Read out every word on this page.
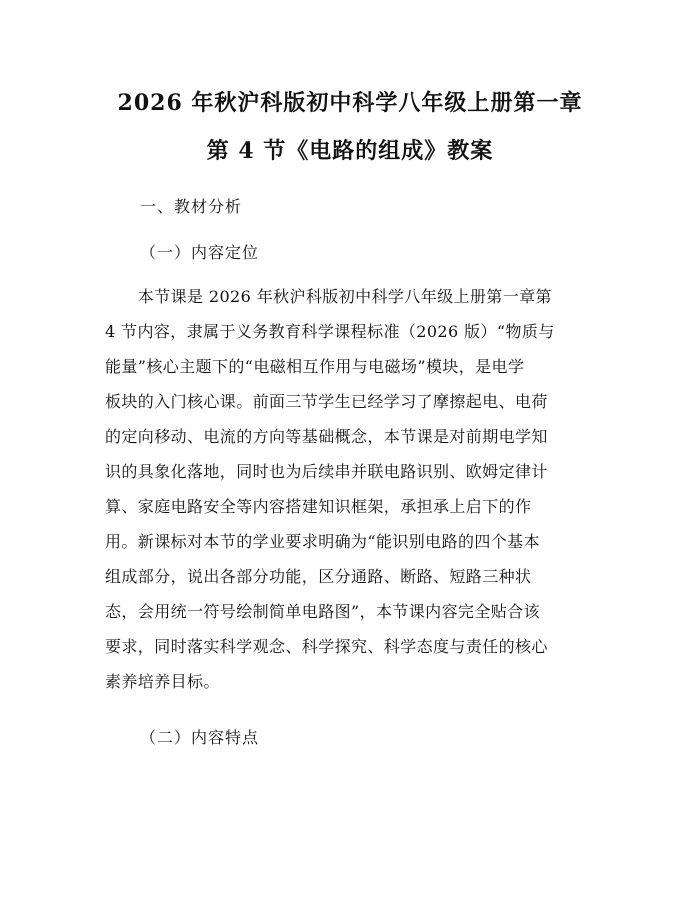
2026 年秋沪科版初中科学八年级上册第一章
第 4 节《电路的组成》教案
一、教材分析
（一）内容定位
　　本节课是 2026 年秋沪科版初中科学八年级上册第一章第
4 节内容，隶属于义务教育科学课程标准（2026 版）“物质与
能量”核心主题下的“电磁相互作用与电磁场”模块，是电学
板块的入门核心课。前面三节学生已经学习了摩擦起电、电荷
的定向移动、电流的方向等基础概念，本节课是对前期电学知
识的具象化落地，同时也为后续串并联电路识别、欧姆定律计
算、家庭电路安全等内容搭建知识框架，承担承上启下的作
用。新课标对本节的学业要求明确为“能识别电路的四个基本
组成部分，说出各部分功能，区分通路、断路、短路三种状
态，会用统一符号绘制简单电路图”，本节课内容完全贴合该
要求，同时落实科学观念、科学探究、科学态度与责任的核心
素养培养目标。
（二）内容特点
